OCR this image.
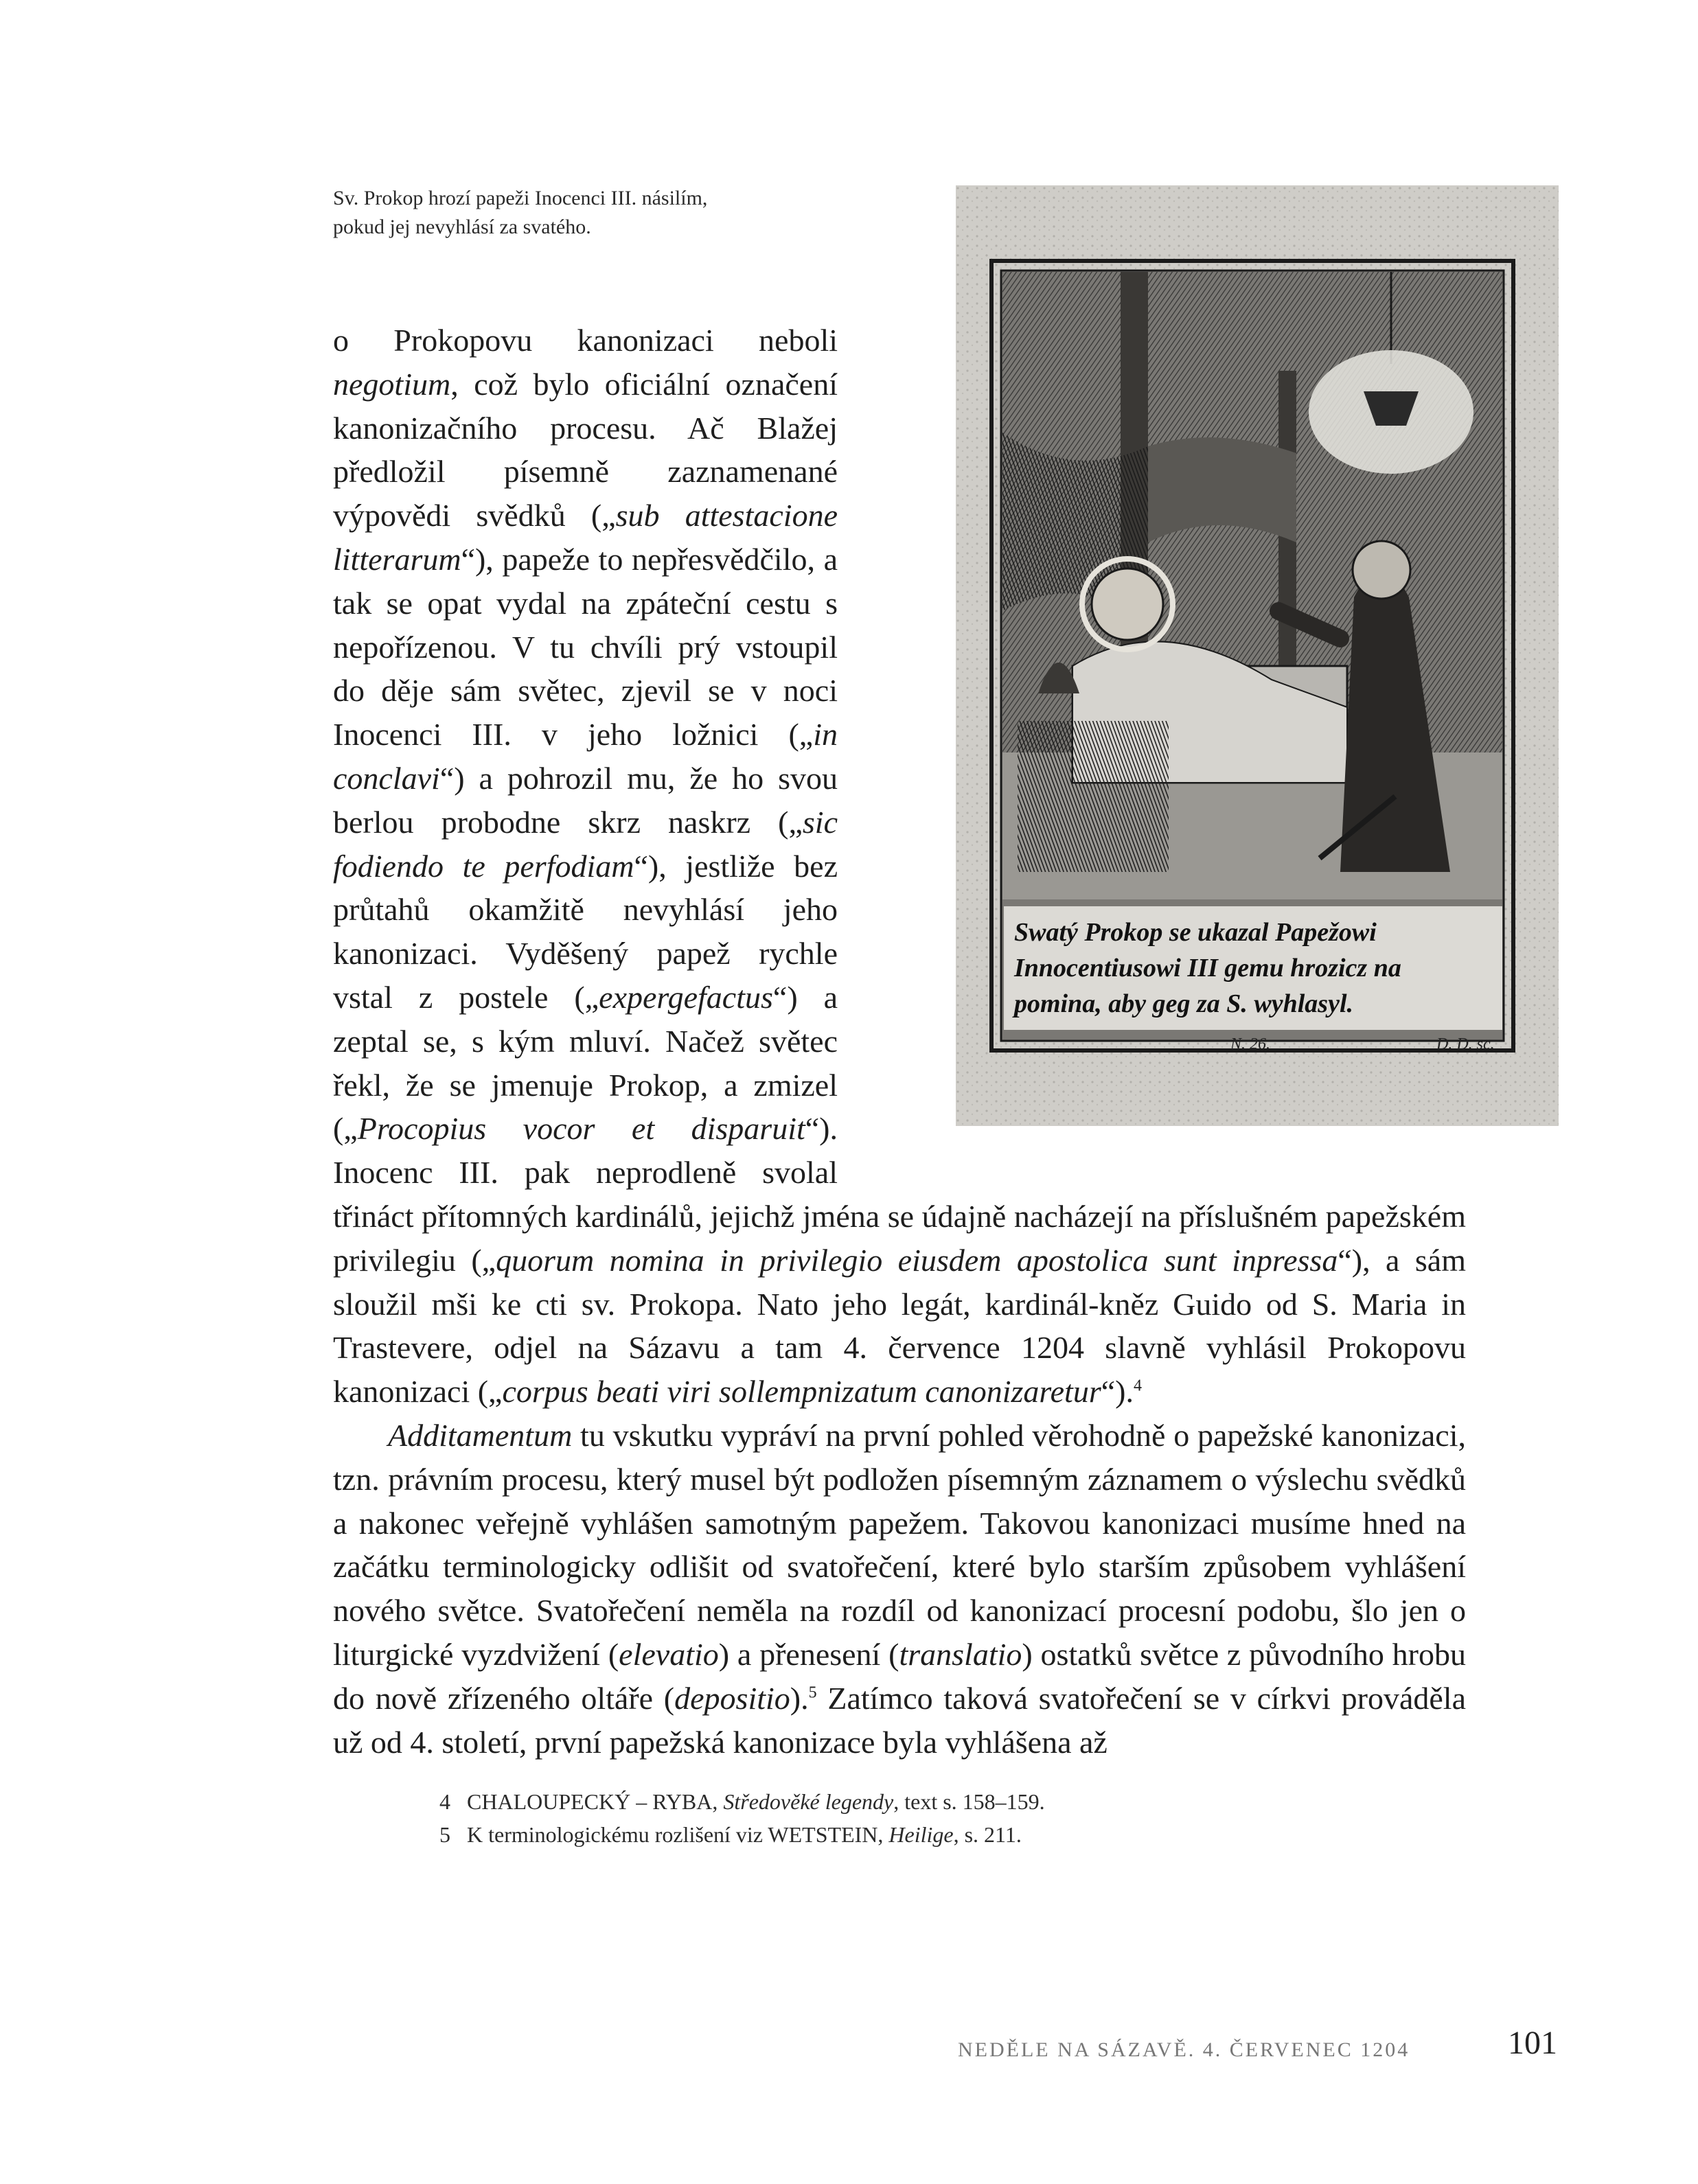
Sv. Prokop hrozí papeži Inocenci III. násilím,
pokud jej nevyhlásí za svatého.
Swatý Prokop se ukazal Papežowi
Innocentiusowi III gemu hrozicz na
pomina, aby geg za S. wyhlasyl.
N. 26.	D. D. sc.

o Prokopovu kanonizaci neboli negotium, což bylo oficiální označení kanonizačního procesu. Ač Blažej předložil písemně zaznamenané výpovědi svědků („sub attestacione litterarum“), papeže to nepřesvědčilo, a tak se opat vydal na zpáteční cestu s nepořízenou. V tu chvíli prý vstoupil do děje sám světec, zjevil se v noci Inocenci III. v jeho ložnici („in conclavi“) a pohrozil mu, že ho svou berlou probodne skrz naskrz („sic fodiendo te perfodiam“), jestliže bez průtahů okamžitě nevyhlásí jeho kanonizaci. Vyděšený papež rychle vstal z postele („expergefactus“) a zeptal se, s kým mluví. Načež světec řekl, že se jmenuje Prokop, a zmizel („Procopius vocor et disparuit“). Inocenc III. pak neprodleně svolal třináct přítomných kardinálů, jejichž jména se údajně nacházejí na příslušném papežském privilegiu („quorum nomina in privilegio eiusdem apostolica sunt inpressa“), a sám sloužil mši ke cti sv. Prokopa. Nato jeho legát, kardinál-kněz Guido od S. Maria in Trastevere, odjel na Sázavu a tam 4. července 1204 slavně vyhlásil Prokopovu kanonizaci („corpus beati viri sollempnizatum canonizaretur“).$^4$

Additamentum tu vskutku vypráví na první pohled věrohodně o papežské kanonizaci, tzn. právním procesu, který musel být podložen písemným záznamem o výslechu svědků a nakonec veřejně vyhlášen samotným papežem. Takovou kanonizaci musíme hned na začátku terminologicky odlišit od svatořečení, které bylo starším způsobem vyhlášení nového světce. Svatořečení neměla na rozdíl od kanonizací procesní podobu, šlo jen o liturgické vyzdvižení (elevatio) a přenesení (translatio) ostatků světce z původního hrobu do nově zřízeného oltáře (depositio).$^5$ Zatímco taková svatořečení se v církvi prováděla už od 4. století, první papežská kanonizace byla vyhlášena až

4 CHALOUPECKÝ – RYBA, Středověké legendy, text s. 158–159.
5 K terminologickému rozlišení viz WETSTEIN, Heilige, s. 211.
NEDĚLE NA SÁZAVĚ. 4. ČERVENEC 1204	101
